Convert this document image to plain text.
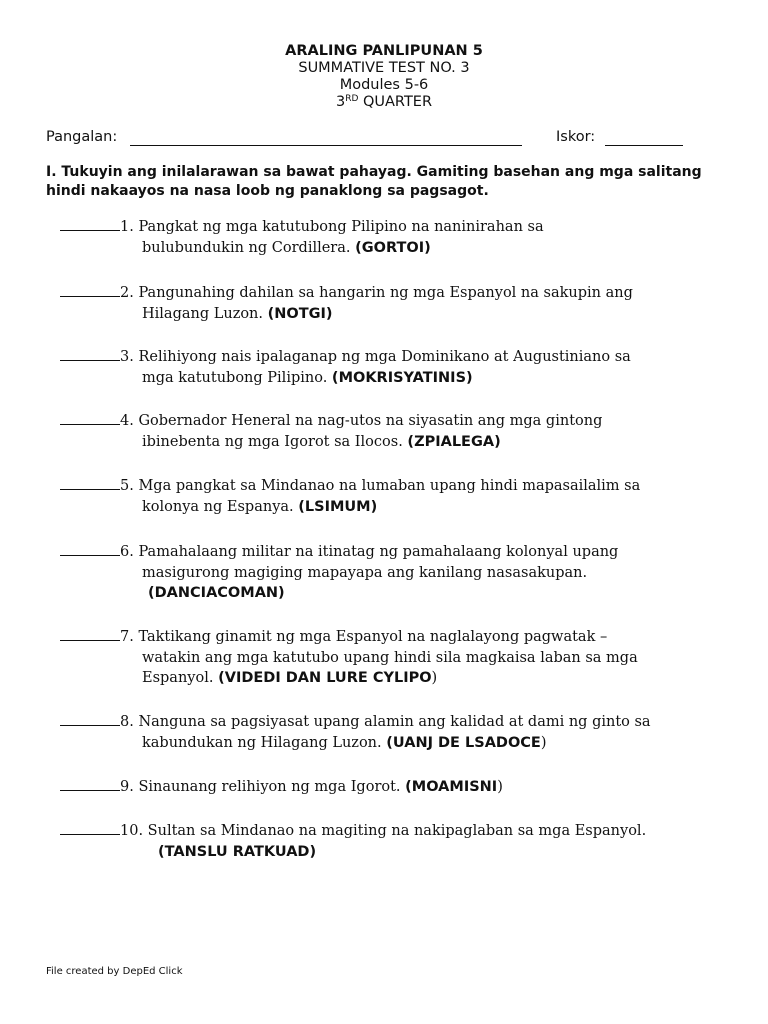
ARALING PANLIPUNAN 5
SUMMATIVE TEST NO. 3
Modules 5-6
3RD QUARTER
Pangalan:	Iskor:
I. Tukuyin ang inilalarawan sa bawat pahayag. Gamiting basehan ang mga salitang hindi nakaayos na nasa loob ng panaklong sa pagsagot.
1. Pangkat ng mga katutubong Pilipino na naninirahan sa
bulubundukin ng Cordillera. (GORTOI)
2. Pangunahing dahilan sa hangarin ng mga Espanyol na sakupin ang
Hilagang Luzon. (NOTGI)
3. Relihiyong nais ipalaganap ng mga Dominikano at Augustiniano sa
mga katutubong Pilipino. (MOKRISYATINIS)
4. Gobernador Heneral na nag-utos na siyasatin ang mga gintong
ibinebenta ng mga Igorot sa Ilocos. (ZPIALEGA)
5. Mga pangkat sa Mindanao na lumaban upang hindi mapasailalim sa
kolonya ng Espanya. (LSIMUM)
6. Pamahalaang militar na itinatag ng pamahalaang kolonyal upang
masigurong magiging mapayapa ang kanilang nasasakupan.
(DANCIACOMAN)
7. Taktikang ginamit ng mga Espanyol na naglalayong pagwatak –
watakin ang mga katutubo upang hindi sila magkaisa laban sa mga
Espanyol. (VIDEDI DAN LURE CYLIPO)
8. Nanguna sa pagsiyasat upang alamin ang kalidad at dami ng ginto sa
kabundukan ng Hilagang Luzon. (UANJ DE LSADOCE)
9. Sinaunang relihiyon ng mga Igorot. (MOAMISNI)
10. Sultan sa Mindanao na magiting na nakipaglaban sa mga Espanyol.
(TANSLU RATKUAD)
File created by DepEd Click
